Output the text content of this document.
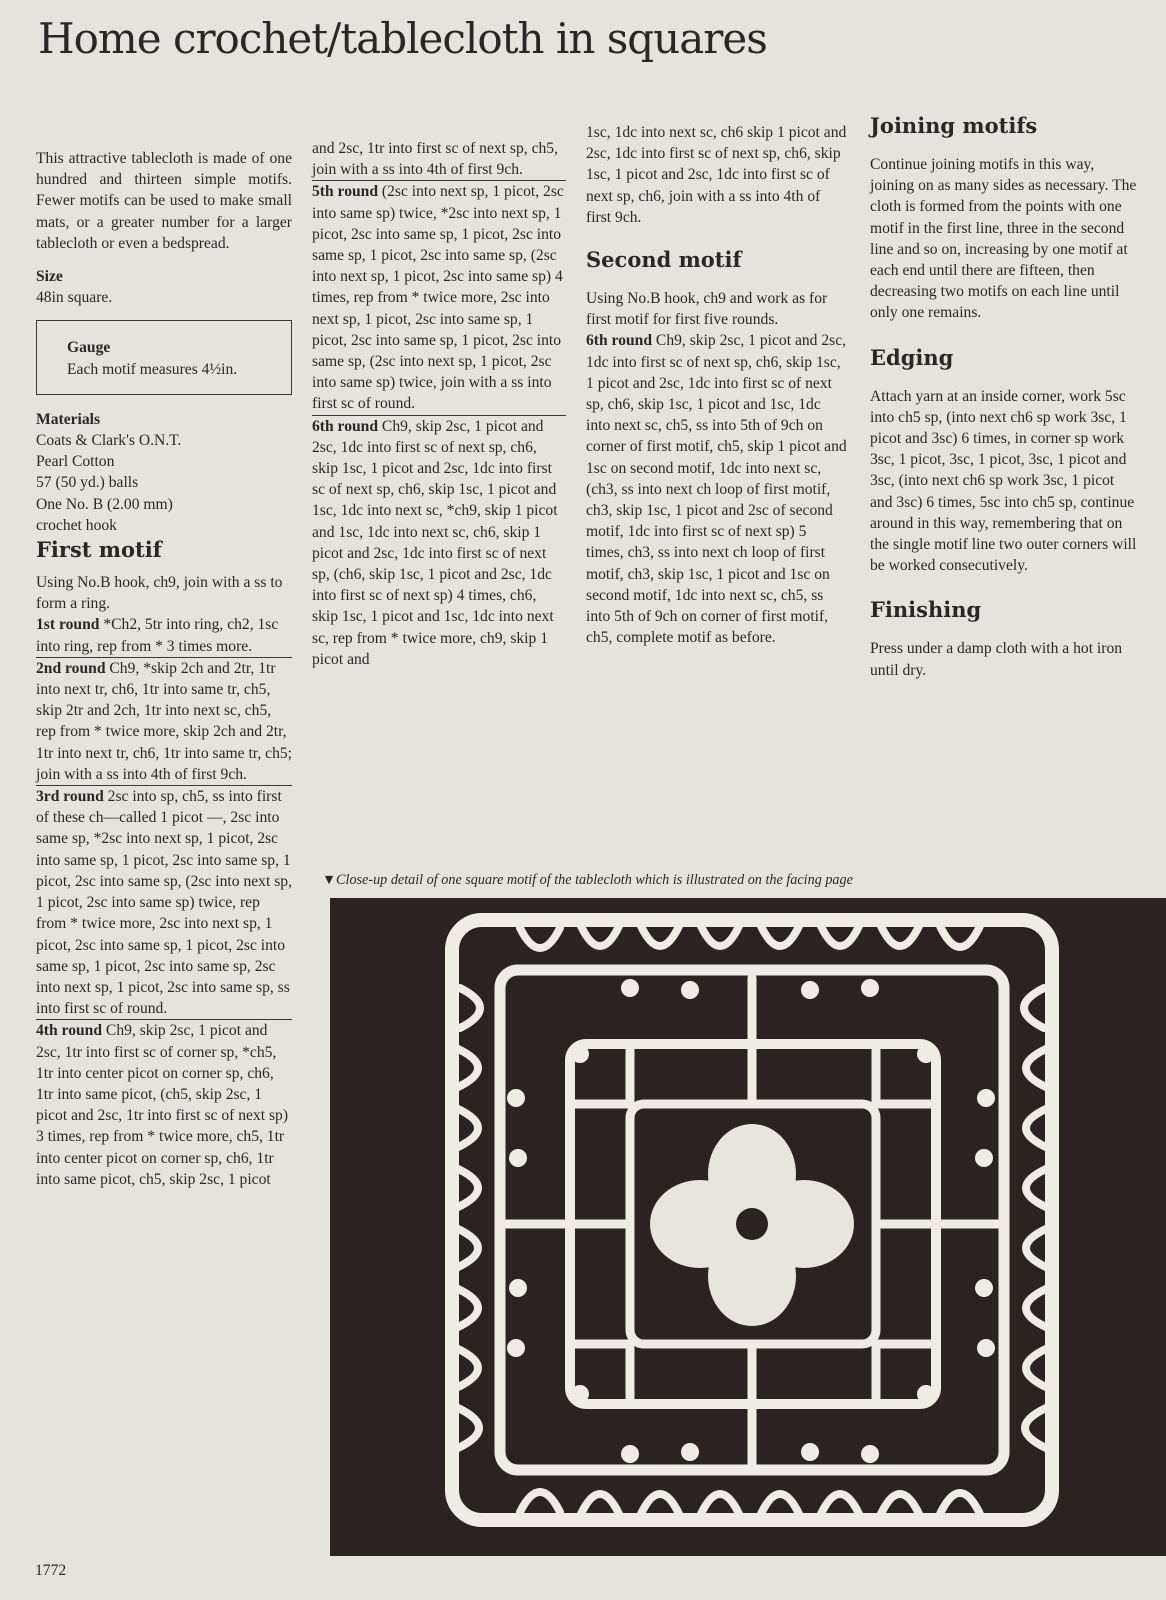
Home crochet/tablecloth in squares

This attractive tablecloth is made of one hundred and thirteen simple motifs. Fewer motifs can be used to make small mats, or a greater number for a larger tablecloth or even a bedspread.

Size

48in square.

Gauge

Each motif measures 4½in.

Materials

Coats & Clark's O.N.T.

Pearl Cotton

57 (50 yd.) balls

One No. B (2.00 mm)

crochet hook

First motif

Using No.B hook, ch9, join with a ss to form a ring.

1st round *Ch2, 5tr into ring, ch2, 1sc into ring, rep from * 3 times more.

2nd round Ch9, *skip 2ch and 2tr, 1tr into next tr, ch6, 1tr into same tr, ch5, skip 2tr and 2ch, 1tr into next sc, ch5, rep from * twice more, skip 2ch and 2tr, 1tr into next tr, ch6, 1tr into same tr, ch5; join with a ss into 4th of first 9ch.

3rd round 2sc into sp, ch5, ss into first of these ch—called 1 picot —, 2sc into same sp, *2sc into next sp, 1 picot, 2sc into same sp, 1 picot, 2sc into same sp, 1 picot, 2sc into same sp, (2sc into next sp, 1 picot, 2sc into same sp) twice, rep from * twice more, 2sc into next sp, 1 picot, 2sc into same sp, 1 picot, 2sc into same sp, 1 picot, 2sc into same sp, 2sc into next sp, 1 picot, 2sc into same sp, ss into first sc of round.

4th round Ch9, skip 2sc, 1 picot and 2sc, 1tr into first sc of corner sp, *ch5, 1tr into center picot on corner sp, ch6, 1tr into same picot, (ch5, skip 2sc, 1 picot and 2sc, 1tr into first sc of next sp) 3 times, rep from * twice more, ch5, 1tr into center picot on corner sp, ch6, 1tr into same picot, ch5, skip 2sc, 1 picot

and 2sc, 1tr into first sc of next sp, ch5, join with a ss into 4th of first 9ch.

5th round (2sc into next sp, 1 picot, 2sc into same sp) twice, *2sc into next sp, 1 picot, 2sc into same sp, 1 picot, 2sc into same sp, 1 picot, 2sc into same sp, (2sc into next sp, 1 picot, 2sc into same sp) 4 times, rep from * twice more, 2sc into next sp, 1 picot, 2sc into same sp, 1 picot, 2sc into same sp, 1 picot, 2sc into same sp, (2sc into next sp, 1 picot, 2sc into same sp) twice, join with a ss into first sc of round.

6th round Ch9, skip 2sc, 1 picot and 2sc, 1dc into first sc of next sp, ch6, skip 1sc, 1 picot and 2sc, 1dc into first sc of next sp, ch6, skip 1sc, 1 picot and 1sc, 1dc into next sc, *ch9, skip 1 picot and 1sc, 1dc into next sc, ch6, skip 1 picot and 2sc, 1dc into first sc of next sp, (ch6, skip 1sc, 1 picot and 2sc, 1dc into first sc of next sp) 4 times, ch6, skip 1sc, 1 picot and 1sc, 1dc into next sc, rep from * twice more, ch9, skip 1 picot and

1sc, 1dc into next sc, ch6 skip 1 picot and 2sc, 1dc into first sc of next sp, ch6, skip 1sc, 1 picot and 2sc, 1dc into first sc of next sp, ch6, join with a ss into 4th of first 9ch.

Second motif

Using No.B hook, ch9 and work as for first motif for first five rounds.

6th round Ch9, skip 2sc, 1 picot and 2sc, 1dc into first sc of next sp, ch6, skip 1sc, 1 picot and 2sc, 1dc into first sc of next sp, ch6, skip 1sc, 1 picot and 1sc, 1dc into next sc, ch5, ss into 5th of 9ch on corner of first motif, ch5, skip 1 picot and 1sc on second motif, 1dc into next sc, (ch3, ss into next ch loop of first motif, ch3, skip 1sc, 1 picot and 2sc of second motif, 1dc into first sc of next sp) 5 times, ch3, ss into next ch loop of first motif, ch3, skip 1sc, 1 picot and 1sc on second motif, 1dc into next sc, ch5, ss into 5th of 9ch on corner of first motif, ch5, complete motif as before.

Joining motifs

Continue joining motifs in this way, joining on as many sides as necessary. The cloth is formed from the points with one motif in the first line, three in the second line and so on, increasing by one motif at each end until there are fifteen, then decreasing two motifs on each line until only one remains.

Edging

Attach yarn at an inside corner, work 5sc into ch5 sp, (into next ch6 sp work 3sc, 1 picot and 3sc) 6 times, in corner sp work 3sc, 1 picot, 3sc, 1 picot, 3sc, 1 picot and 3sc, (into next ch6 sp work 3sc, 1 picot and 3sc) 6 times, 5sc into ch5 sp, continue around in this way, remembering that on the single motif line two outer corners will be worked consecutively.

Finishing

Press under a damp cloth with a hot iron until dry.

▼Close-up detail of one square motif of the tablecloth which is illustrated on the facing page
1772
